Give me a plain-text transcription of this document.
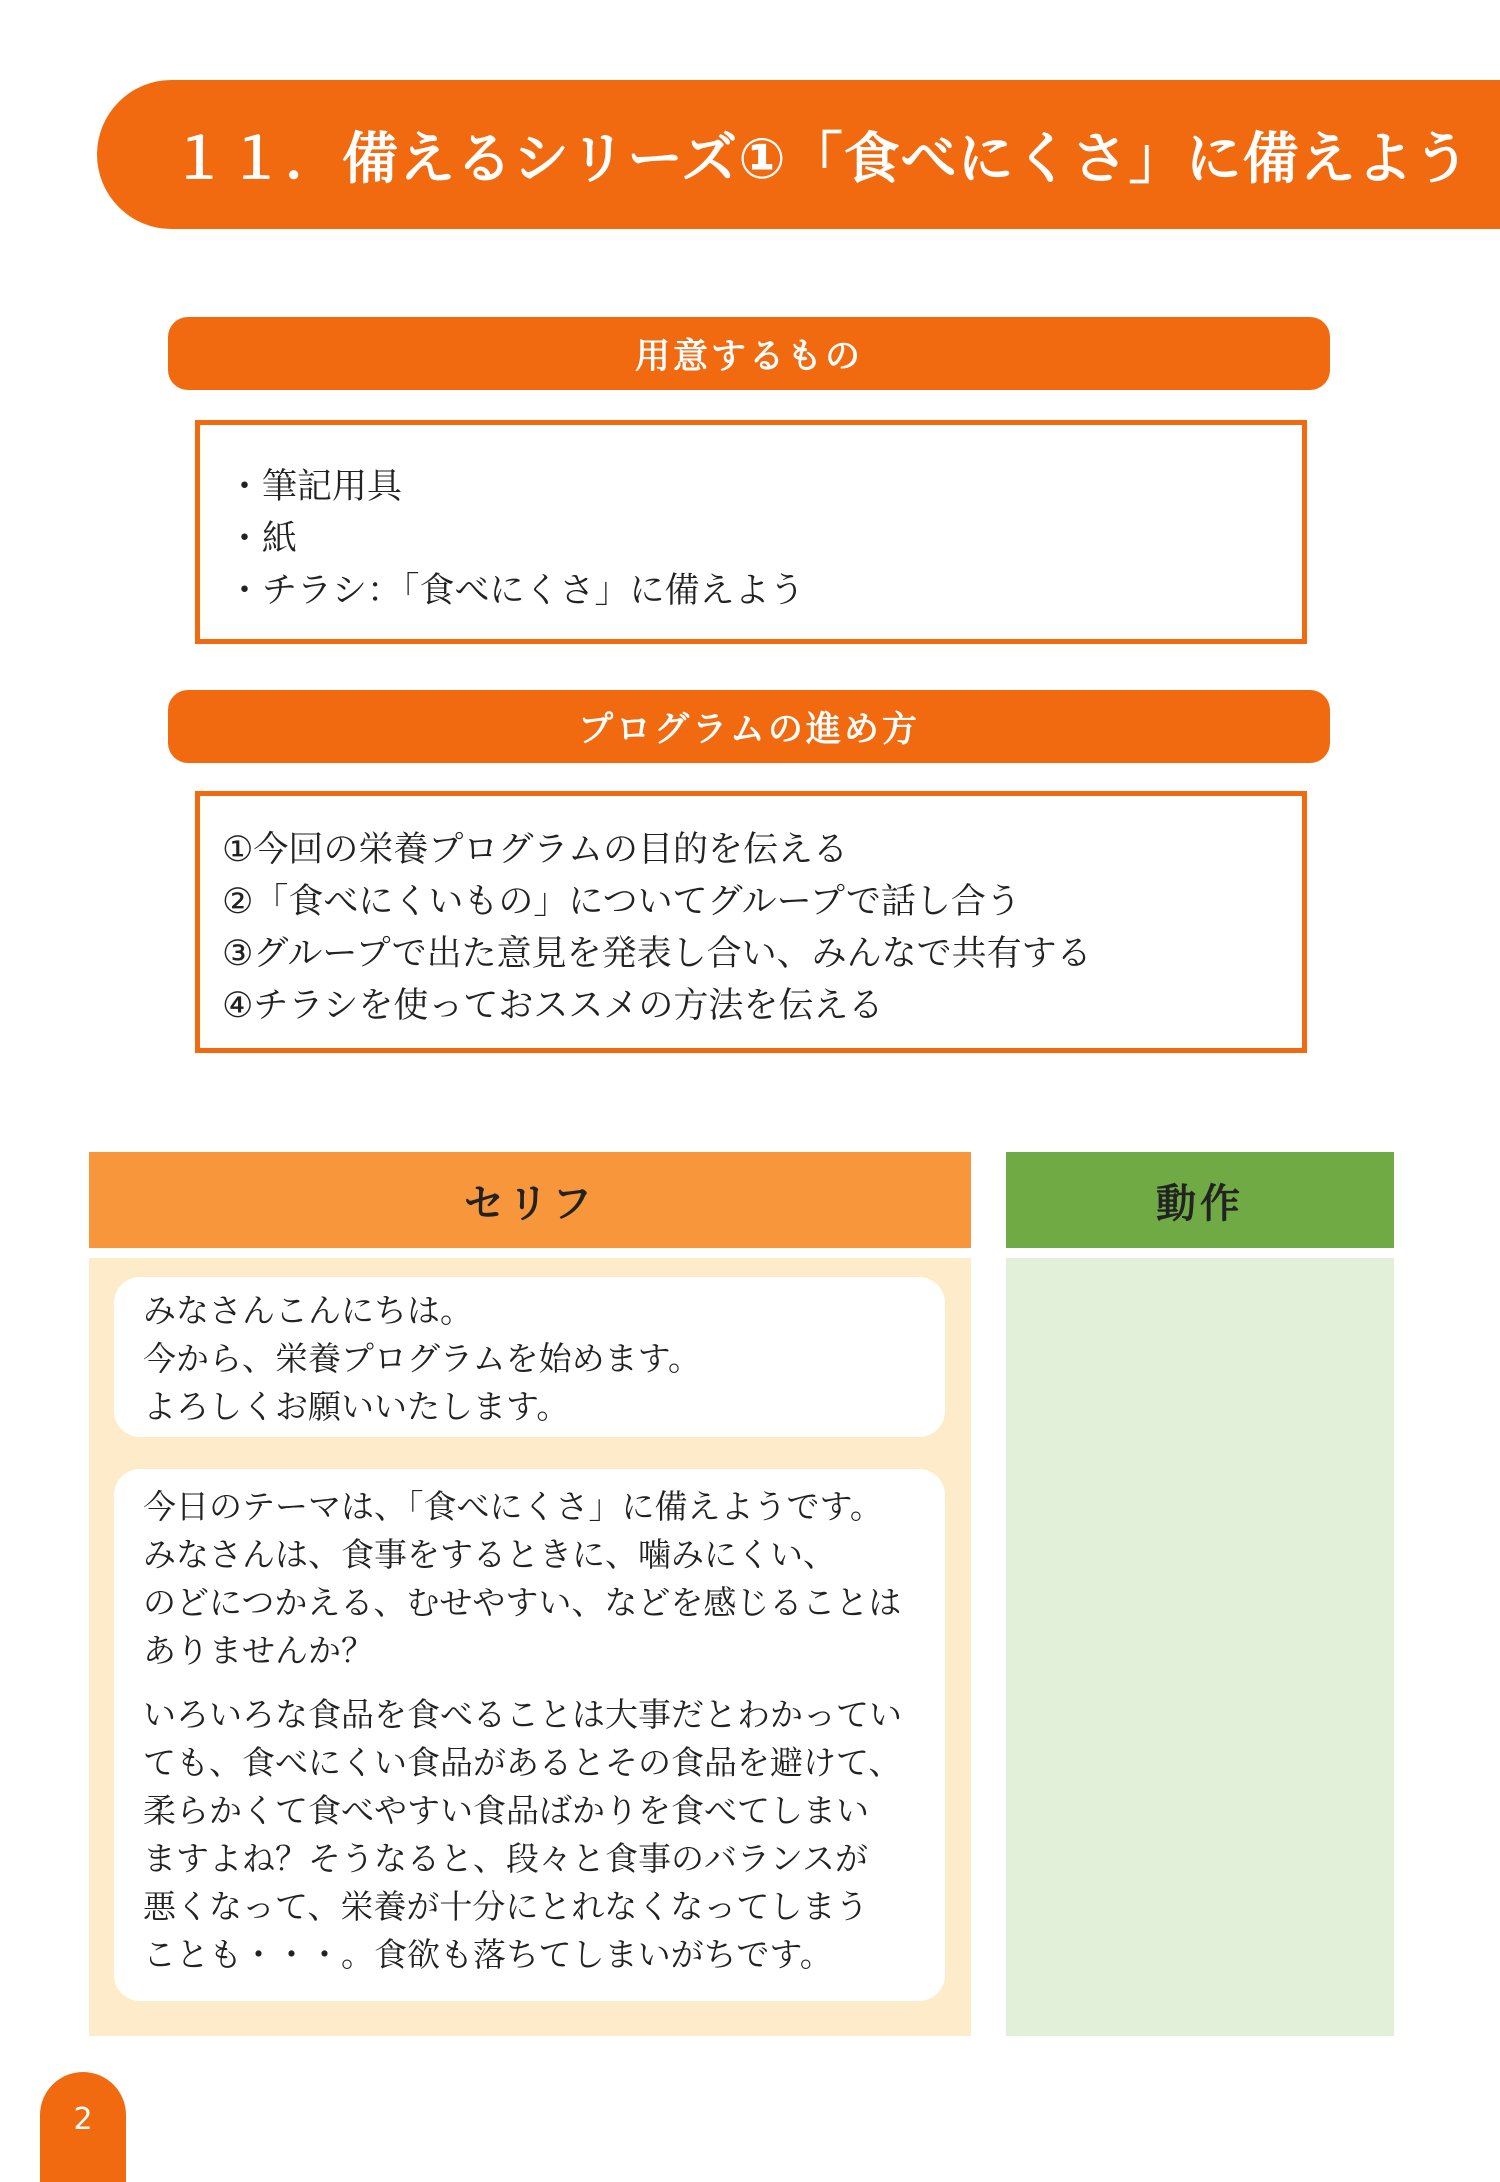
１１．備えるシリーズ①「食べにくさ」に備えよう
用意するもの
・筆記用具
・紙
・チラシ：「食べにくさ」に備えよう
プログラムの進め方
①今回の栄養プログラムの目的を伝える
②「食べにくいもの」についてグループで話し合う
③グループで出た意見を発表し合い、みんなで共有する
④チラシを使っておススメの方法を伝える
セリフ	動作
みなさんこんにちは。
今から、栄養プログラムを始めます。
よろしくお願いいたします。
今日のテーマは、「食べにくさ」に備えようです。
みなさんは、食事をするときに、噛みにくい、
のどにつかえる、むせやすい、などを感じることは
ありませんか？
いろいろな食品を食べることは大事だとわかってい
ても、食べにくい食品があるとその食品を避けて、
柔らかくて食べやすい食品ばかりを食べてしまい
ますよね？そうなると、段々と食事のバランスが
悪くなって、栄養が十分にとれなくなってしまう
ことも・・・。食欲も落ちてしまいがちです。
2
